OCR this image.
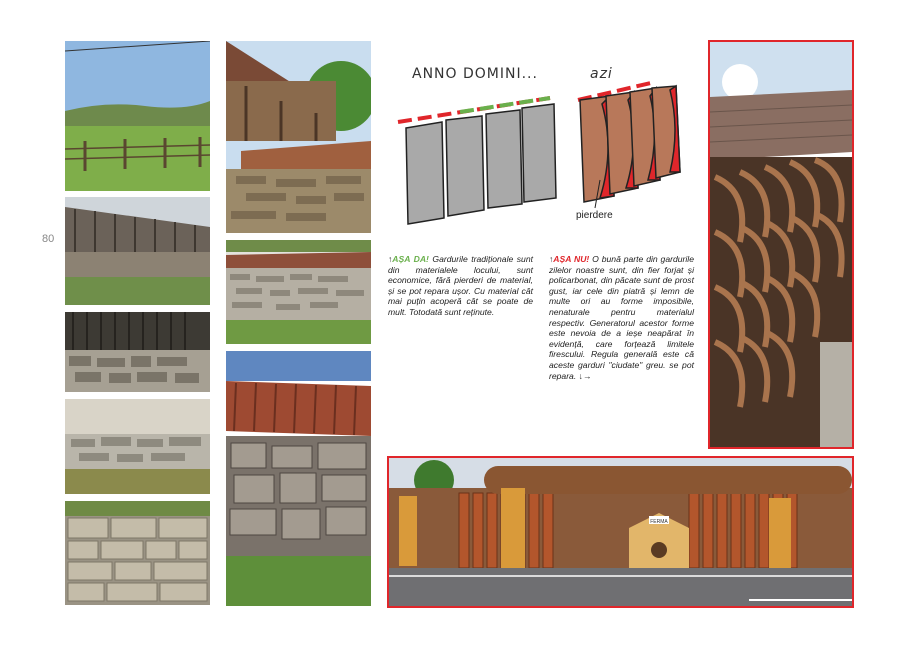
80
ANNO DOMINI...	azi
pierdere
↑AȘA DA! Gardurile tradiționale sunt din materialele locului, sunt economice, fără pierderi de material, și se pot repara ușor. Cu material cât mai puțin acoperă cât se poate de mult. Totodată sunt reținute.
↑AȘA NU! O bună parte din gardurile zilelor noastre sunt, din fier forjat și policarbonat, din păcate sunt de prost gust, iar cele din piatră și lemn de multe ori au forme imposibile, nenaturale pentru materialul respectiv. Generatorul acestor forme este nevoia de a ieșe neapărat în evidență, care forțează limitele firescului. Regula generală este că aceste garduri "ciudate" greu. se pot repara. ↓→
FERMA
